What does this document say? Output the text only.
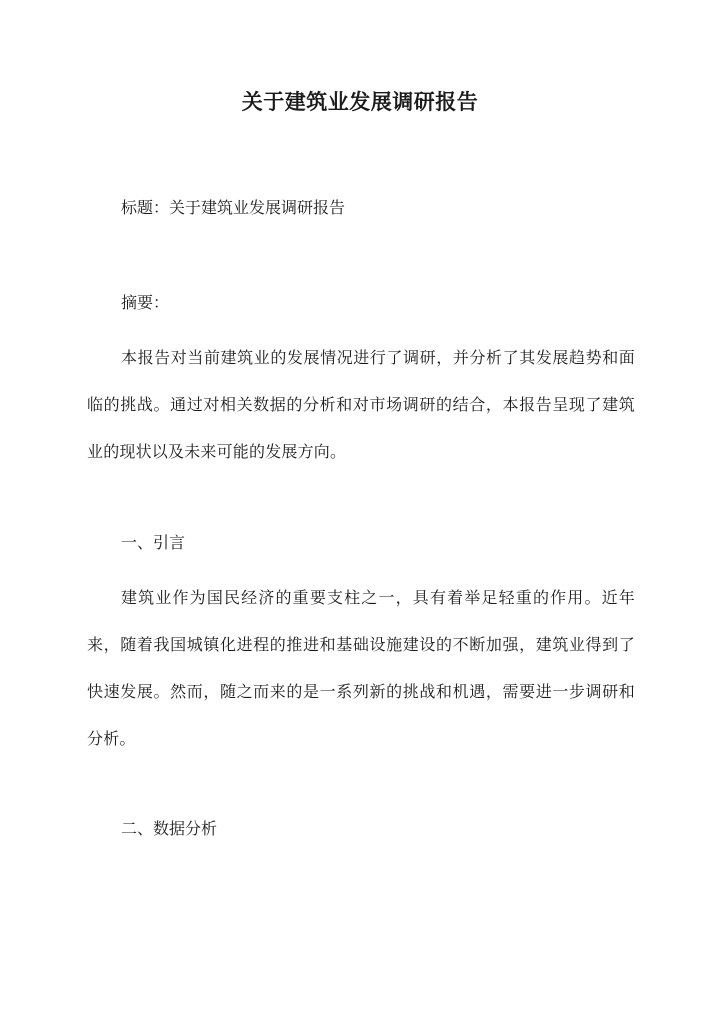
关于建筑业发展调研报告
标题：关于建筑业发展调研报告
摘要：
本报告对当前建筑业的发展情况进行了调研，并分析了其发展趋势和面临的挑战。通过对相关数据的分析和对市场调研的结合，本报告呈现了建筑业的现状以及未来可能的发展方向。
一、引言
建筑业作为国民经济的重要支柱之一，具有着举足轻重的作用。近年来，随着我国城镇化进程的推进和基础设施建设的不断加强，建筑业得到了快速发展。然而，随之而来的是一系列新的挑战和机遇，需要进一步调研和分析。
二、数据分析
